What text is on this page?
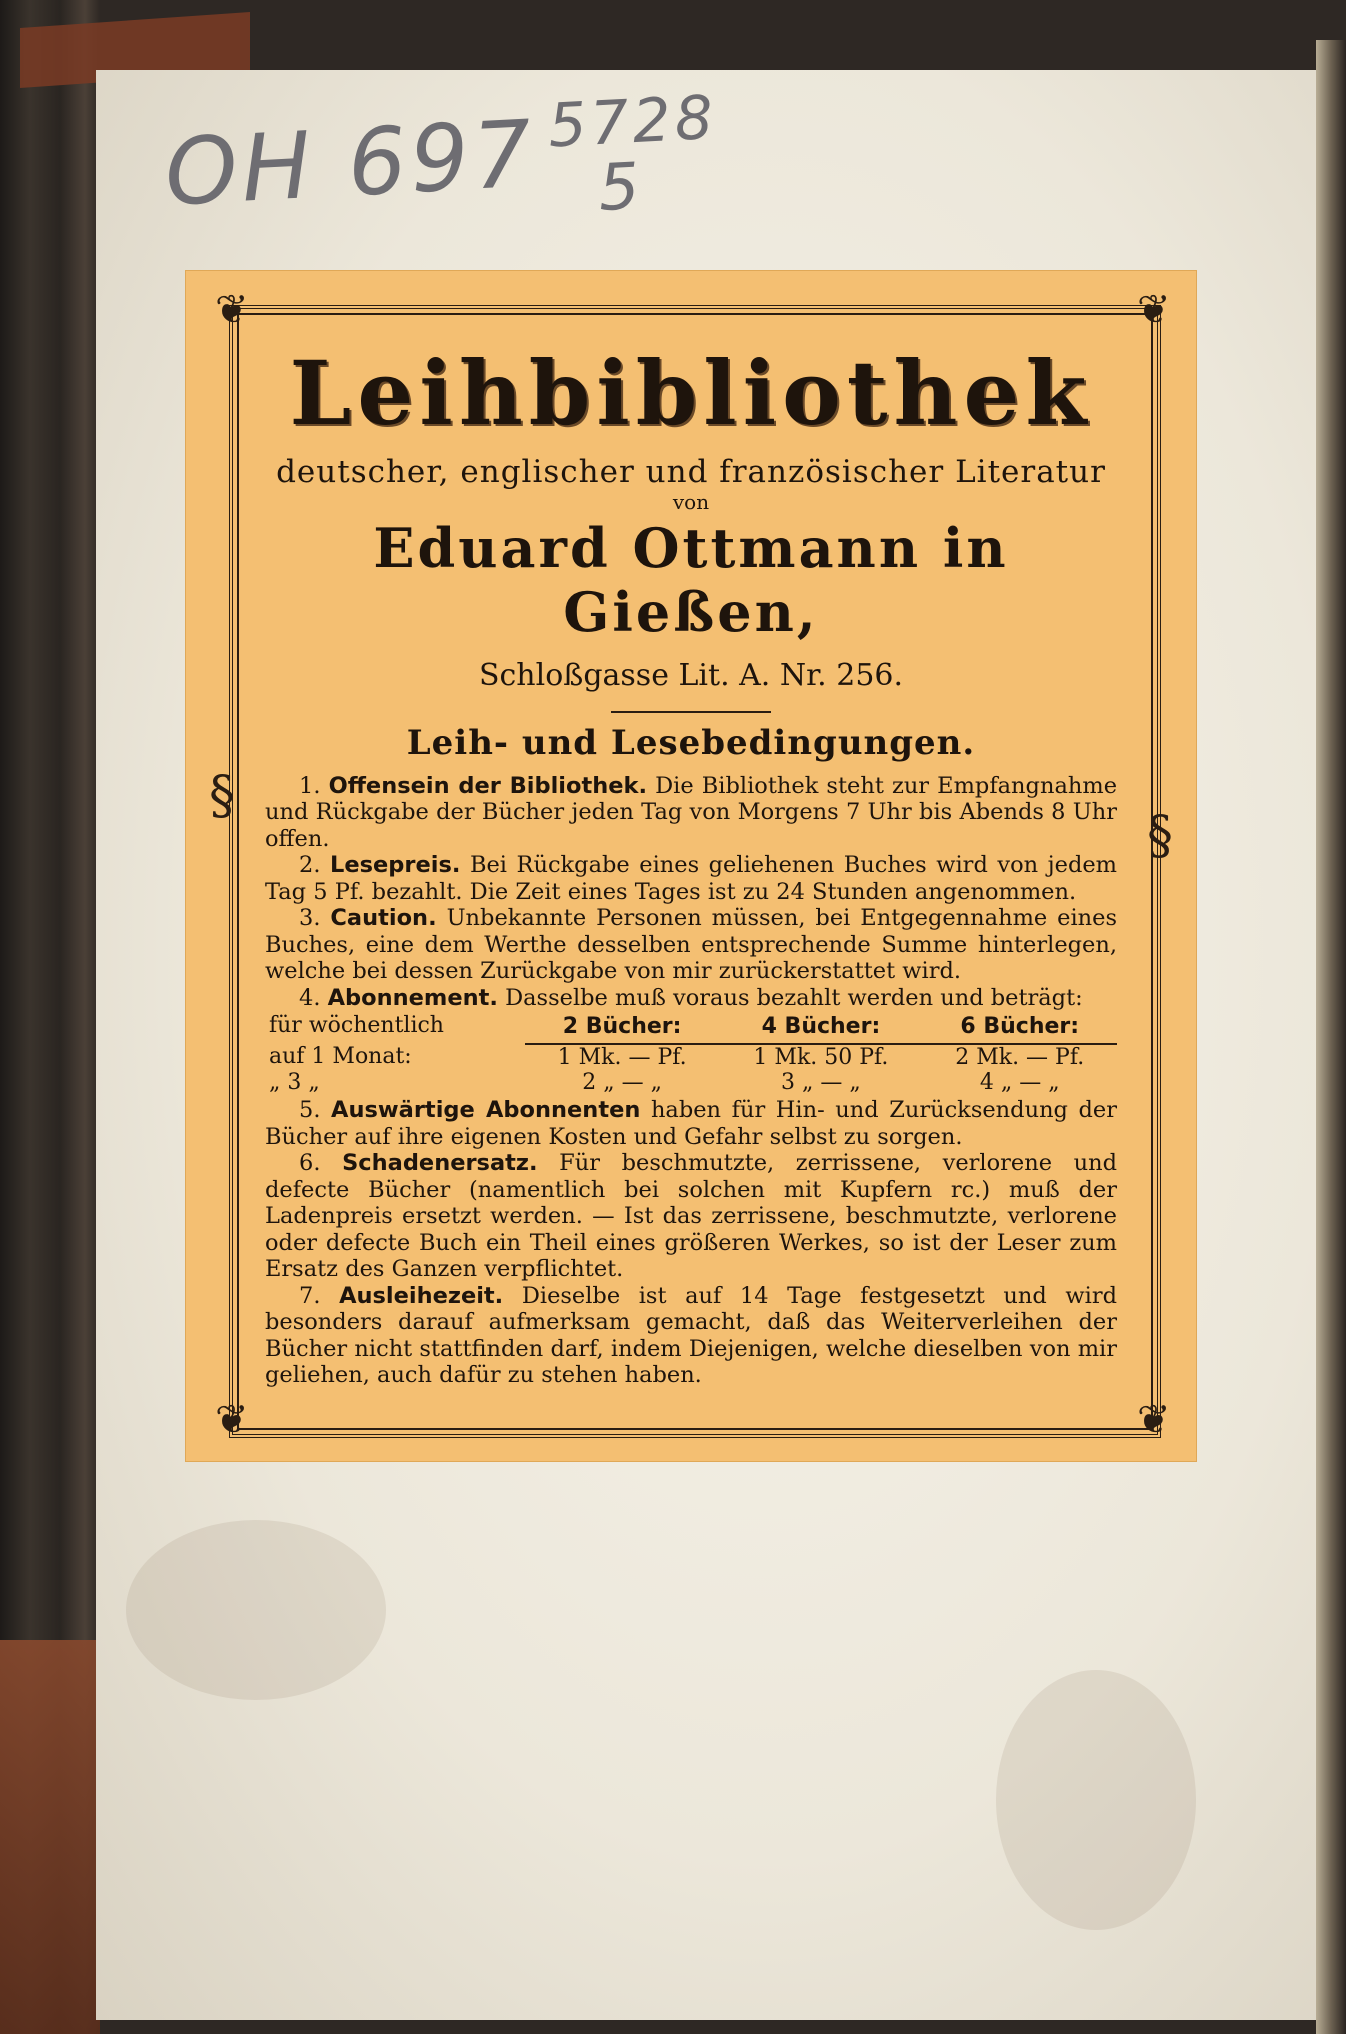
OH 697 5728
5
❦	❦
❦	❦
§
§
Leihbibliothek

deutscher, englischer und französischer Literatur

von

Eduard Ottmann in Gießen,

Schloßgasse Lit. A. Nr. 256.

Leih- und Lesebedingungen.

1. Offensein der Bibliothek. Die Bibliothek steht zur Empfangnahme und Rückgabe der Bücher jeden Tag von Morgens 7 Uhr bis Abends 8 Uhr offen.

2. Lesepreis. Bei Rückgabe eines geliehenen Buches wird von jedem Tag 5 Pf. bezahlt. Die Zeit eines Tages ist zu 24 Stunden angenommen.

3. Caution. Unbekannte Personen müssen, bei Entgegennahme eines Buches, eine dem Werthe desselben entsprechende Summe hinterlegen, welche bei dessen Zurückgabe von mir zurückerstattet wird.

4. Abonnement. Dasselbe muß voraus bezahlt werden und beträgt:

für wöchentlich	2 Bücher:	4 Bücher:	6 Bücher:
auf 1 Monat:	1 Mk. — Pf.	1 Mk. 50 Pf.	2 Mk. — Pf.
„ 3 „	2 „ — „	3 „ — „	4 „ — „

5. Auswärtige Abonnenten haben für Hin- und Zurücksendung der Bücher auf ihre eigenen Kosten und Gefahr selbst zu sorgen.

6. Schadenersatz. Für beschmutzte, zerrissene, verlorene und defecte Bücher (namentlich bei solchen mit Kupfern rc.) muß der Ladenpreis ersetzt werden. — Ist das zerrissene, beschmutzte, verlorene oder defecte Buch ein Theil eines größeren Werkes, so ist der Leser zum Ersatz des Ganzen verpflichtet.

7. Ausleihezeit. Dieselbe ist auf 14 Tage festgesetzt und wird besonders darauf aufmerksam gemacht, daß das Weiterverleihen der Bücher nicht stattfinden darf, indem Diejenigen, welche dieselben von mir geliehen, auch dafür zu stehen haben.
